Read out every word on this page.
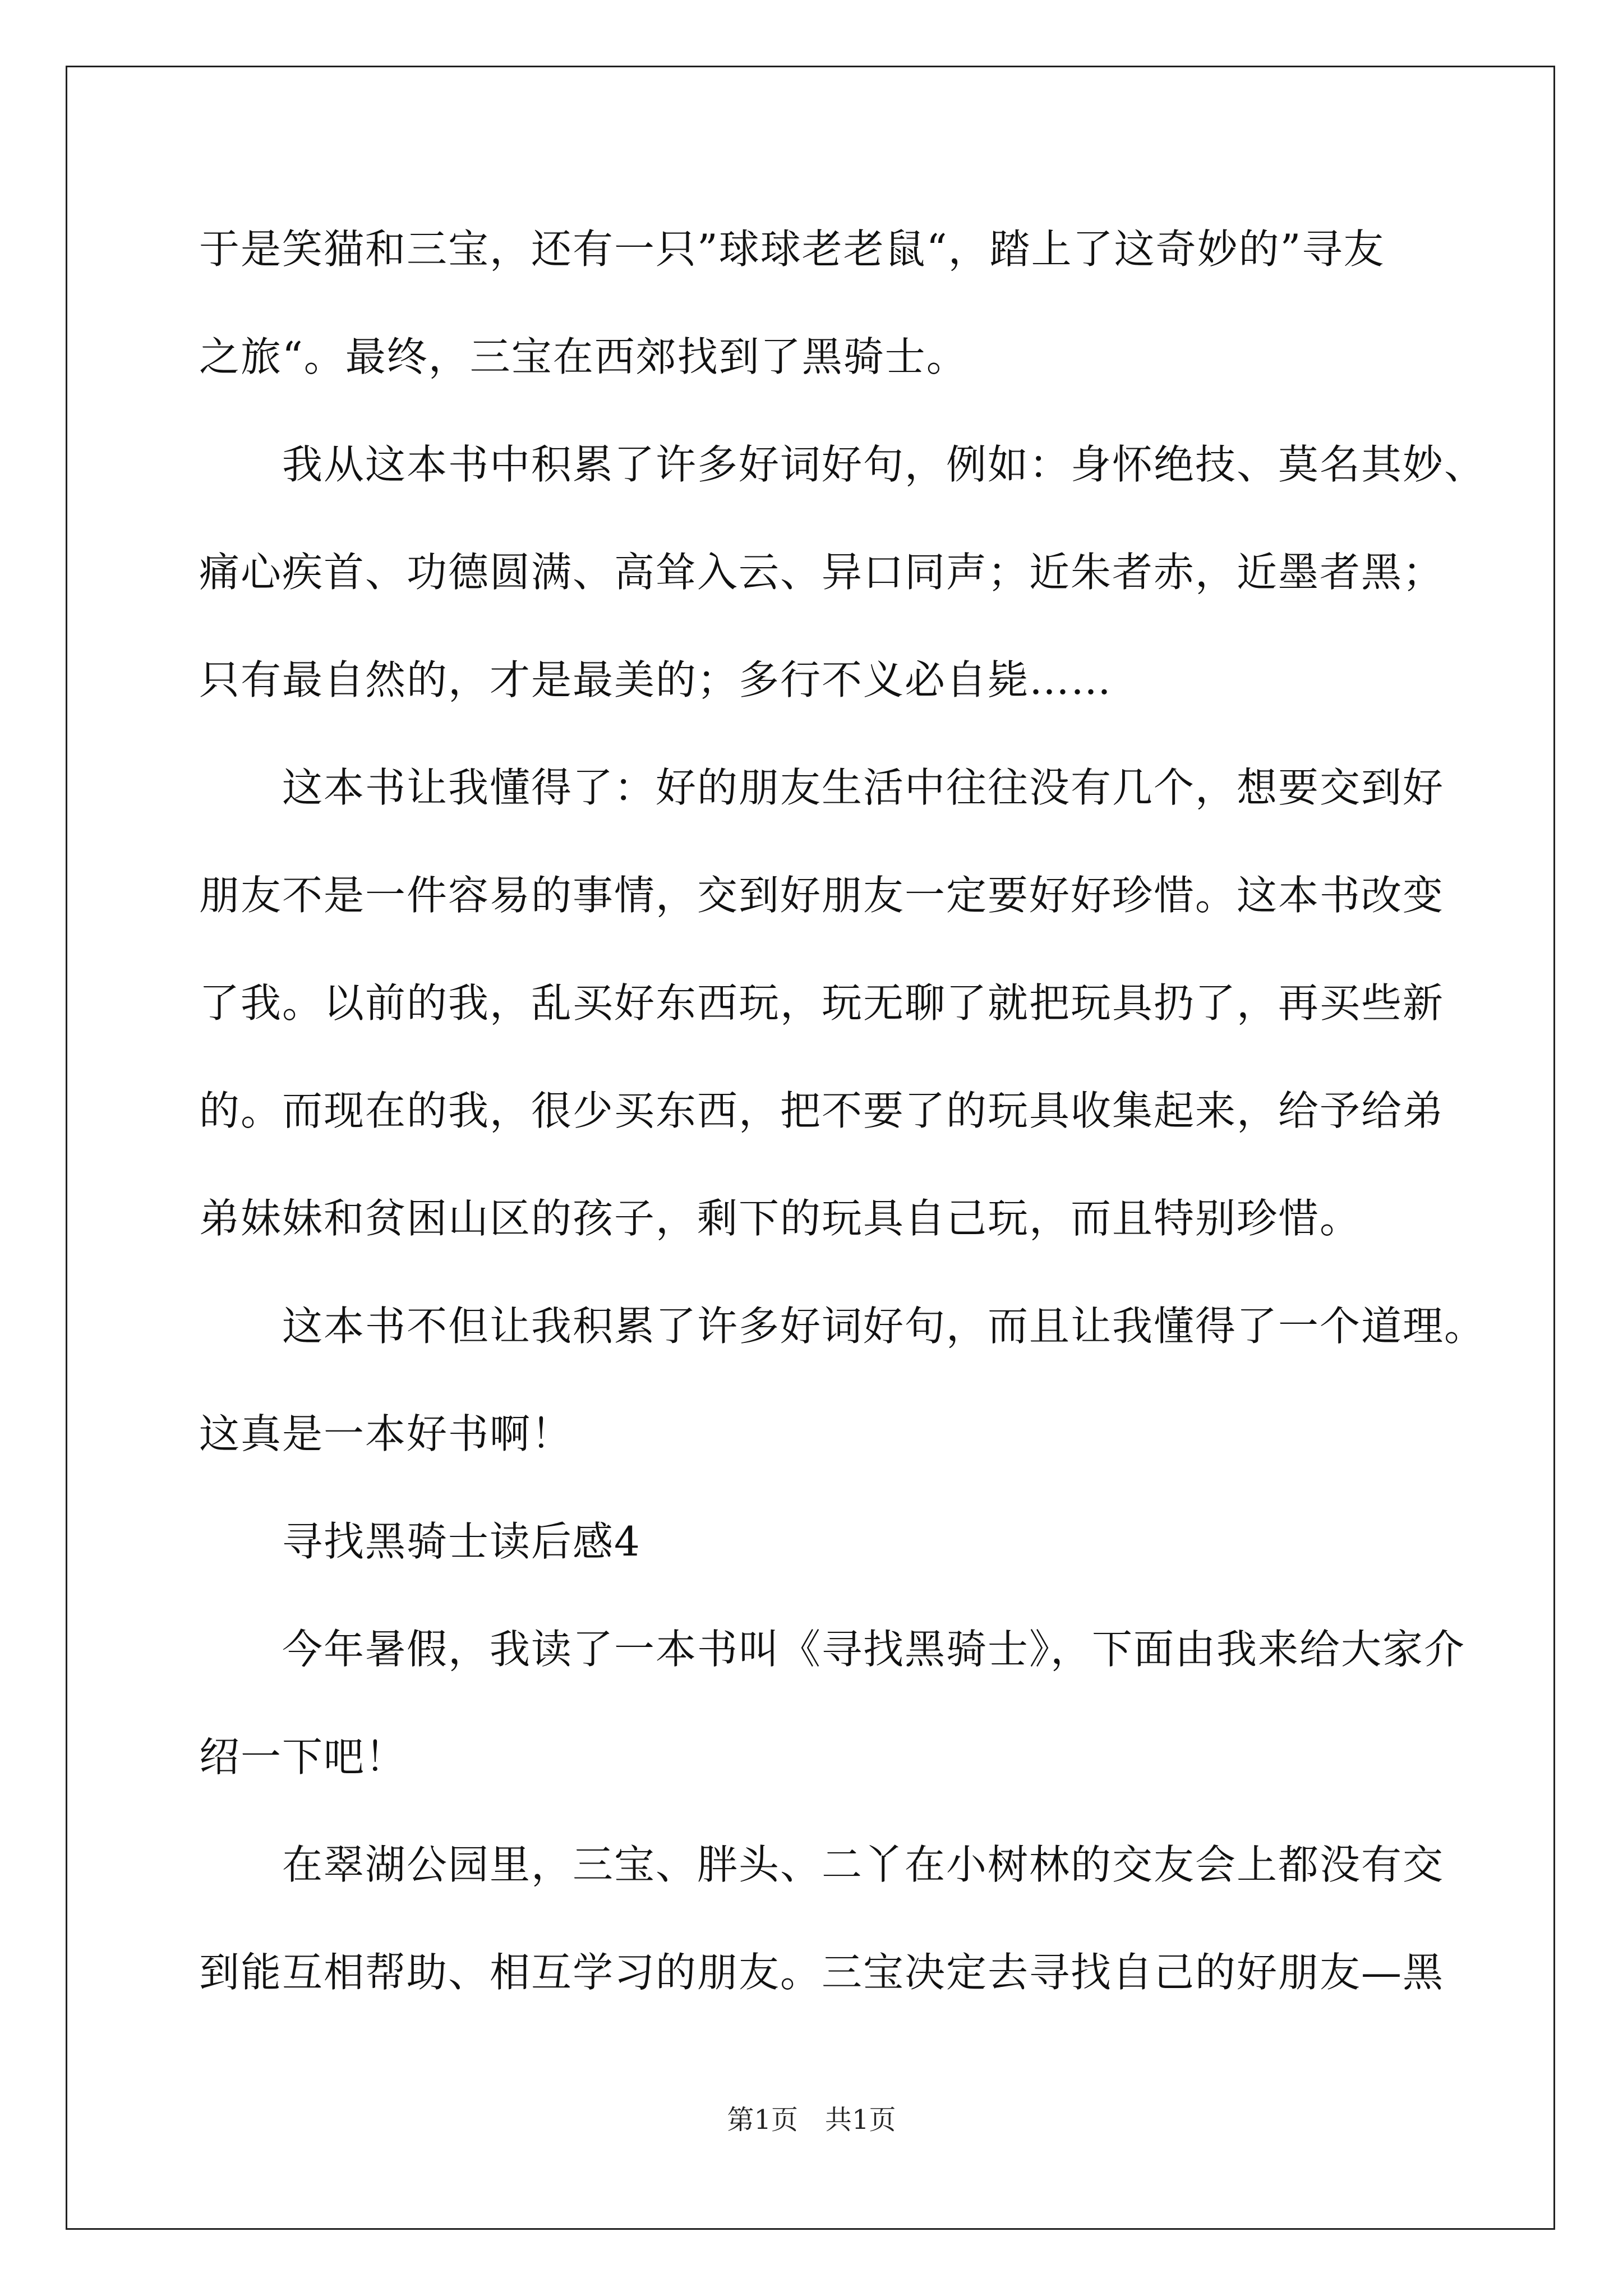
于是笑猫和三宝，还有一只”球球老老鼠“，踏上了这奇妙的”寻友
之旅“。最终，三宝在西郊找到了黑骑士。
我从这本书中积累了许多好词好句，例如：身怀绝技、莫名其妙、
痛心疾首、功德圆满、高耸入云、异口同声；近朱者赤，近墨者黑；
只有最自然的，才是最美的；多行不义必自毙……
这本书让我懂得了：好的朋友生活中往往没有几个，想要交到好
朋友不是一件容易的事情，交到好朋友一定要好好珍惜。这本书改变
了我。以前的我，乱买好东西玩，玩无聊了就把玩具扔了，再买些新
的。而现在的我，很少买东西，把不要了的玩具收集起来，给予给弟
弟妹妹和贫困山区的孩子，剩下的玩具自己玩，而且特别珍惜。
这本书不但让我积累了许多好词好句，而且让我懂得了一个道理。
这真是一本好书啊！
寻找黑骑士读后感4
今年暑假，我读了一本书叫《寻找黑骑士》，下面由我来给大家介
绍一下吧！
在翠湖公园里，三宝、胖头、二丫在小树林的交友会上都没有交
到能互相帮助、相互学习的朋友。三宝决定去寻找自己的好朋友—黑
第1页　共1页
